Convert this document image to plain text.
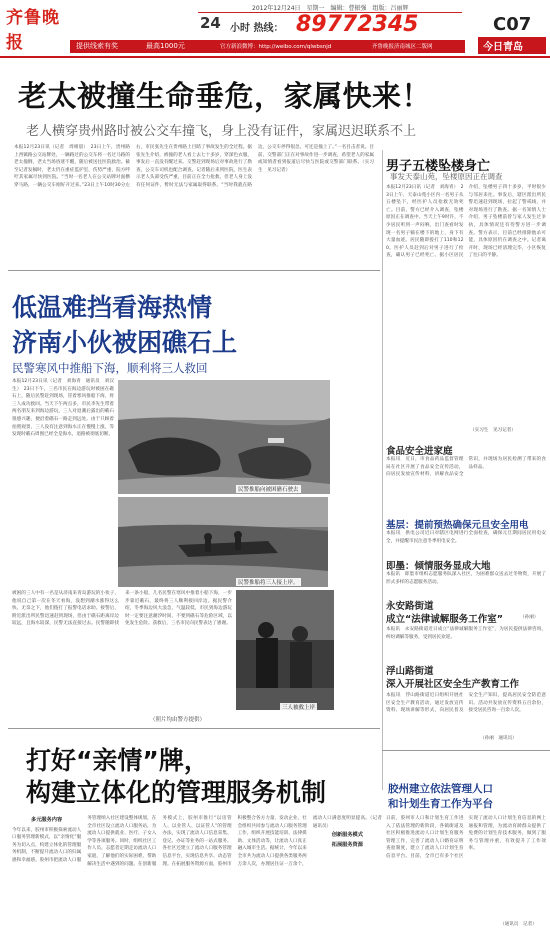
齐鲁晚报
2012年12月24日　星期一　编辑：曹振强　组版：吕丽辉
24 小时 热线： 89772345	C07
提供线索有奖	最高1000元	官方新浪微博：http://weibo.com/qlwbsnjd	齐鲁晚报济南城区二版网	今日青岛
老太被撞生命垂危，家属快来！
老人横穿贵州路时被公交车撞飞，身上没有证件，家属迟迟联系不上
本报12月23日讯（记者　周相晨）　23日上午，贵州路上西镇路公交站牌处，一辆路过的公交车将一名过马路的老太撞倒，老太当场昏迷不醒，随后被送往医院救治。截至记者发稿时，老太仍在重症监护室，伤势严重，院方呼吁其家属尽快到医院。“当时一名老人在公交站牌对面横穿马路，一辆公交车刚好开过来。”23日上午10时30分左右，市民张先生在贵州路上目睹了事故发生的全过程。据张先生介绍，被撞的老人看上去七十多岁，穿深色衣服，事发后一直没有醒过来。交警赶到现场后对事故进行了勘查，公交车司机也配合调查。记者随后来到医院，医生表示老人头部受伤严重，目前正在全力抢救，但老人身上没有任何证件，暂时无法与家属取得联系。“当时我就在路边，公交车停得很急，可还是撞上了。”一名目击者说。目前，交警部门正在对事故作进一步调查，希望老人的家属或知情者看到报道后尽快与医院或交警部门联系。（实习生　见习记者）
低温难挡看海热情
济南小伙被困礁石上
民警寒风中推船下海，顺利将三人救回
本报12月23日讯（记者　刘海青　通讯员　刘汉生）　23日下午，三名市民在海边游玩时被困在礁石上，随后民警赶到现场，冒着寒风推船下海，将三人成功救回。当天下午两点多，市民李先生带着两名朋友来到海边游玩，三人对退潮后露出的礁石很感兴趣，便沿着礁石一路走到远处。由于只顾着拍照观景，三人没有注意到海水正在慢慢上涨，等发现时礁石周围已经全是海水，退路被彻底切断。
被困的三人中有一名是从济南来青岛游玩的小伙子，他说自己第一次在冬天看海，没想到潮水涨得这么快。无奈之下，他们拨打了报警电话求助。接警后，附近派出所民警迅速赶到现场，但由于礁石距离岸边较远，且海水较深，民警无法直接过去。民警随即找来一条小船，几名民警在寒风中推着小船下海，一步步靠近礁石，最终将三人顺利接回岸边。据民警介绍，冬季海边风大浪急，气温较低，市民到海边游玩时一定要注意潮汐时间，不要到礁石等危险区域，以免发生危险。获救后，三名市民向民警表达了感谢。
民警推船向被困礁石驶去
民警推船将三人接上岸。
三人被救上岸
（照片均由警方提供）
男子五楼坠楼身亡
事发天泰山苑，坠楼原因正在调查
本报12月23日讯（记者　刘海青）　23日上午，天泰山苑小区内一名男子从五楼坠下，经医护人员抢救无效死亡。目前，警方已经介入调查，坠楼原因正在调查中。当天上午9时许，不少居民听到一声闷响，出门查看时发现一名男子躺在楼下的地上，身下有大量血迹。居民随即拨打了110和120。医护人员赶到后对男子进行了检查，确认男子已经死亡。据小区居民介绍，坠楼男子四十多岁，平时很少与邻居来往。事发后，辖区派出所民警迅速赶到现场，拉起了警戒线，并对现场进行了勘查。据一名知情人士介绍，男子坠楼前曾与家人发生过争执，具体情况还有待警方进一步调查。警方表示，目前已经排除他杀可能，具体原因仍在调查之中。记者离开时，现场已经清理完毕，小区恢复了往日的平静。
（实习生　见习记者）
食品安全进家庭
本报讯　近日，市食品药品监督管理局在社区开展了食品安全宣传活动，向居民发放宣传材料，讲解食品安全常识，并现场为居民检测了带来的食品样品。
基层：提前预热确保元旦安全用电
本报讯　供电公司近日对辖区电网进行全面检查，确保元旦期间居民用电安全，并提醒市民注意冬季用电安全。
即墨：倾情服务显成大地
本报讯　即墨市组织志愿服务队深入社区，为困难群众送去过冬物资，开展了形式多样的志愿服务活动。
永安路街道
成立“法律诚解服务工作室”
本报讯　永安路街道近日成立“法律诚解服务工作室”，为居民提供法律咨询、纠纷调解等服务，受到居民欢迎。
（孙丽）
浮山路街道
深入开展社区安全生产教育工作
本报讯　浮山路街道近日组织开展社区安全生产教育活动，通过发放宣传资料、现场讲解等形式，向居民普及安全生产知识，提高居民安全防范意识。活动共发放宣传资料五百余份，接受居民咨询一百余人次。
（孙丽　通讯员）
打好“亲情”牌，
构建立体化的管理服务机制
多元服务内容
今年以来，胶州市积极探索流动人口服务管理新模式，以“亲情化”服务为切入点，构建立体化的管理服务机制，不断提升流动人口的归属感和幸福感。胶州市把流动人口服务管理纳入社区建设整体规划，在全市社区设立流动人口服务站，为流动人口提供就业、医疗、子女入学等各项服务。同时，组织社区工作人员、志愿者定期走访流动人口家庭，了解他们的实际困难，帮助解决生活中遇到的问题。在创新服务模式上，胶州市推行“以房管人、以业管人、以证管人”的管理办法，实现了流动人口信息采集、登记、办证等业务的一站式服务。各社区还建立了流动人口服务管理信息平台，实现信息共享、动态管理。在拓展服务资源方面，胶州市积极整合各方力量，发动企业、社会组织共同参与流动人口服务管理工作，组织开展技能培训、法律援助、文体活动等，让流动人口真正融入城市生活。据统计，今年以来全市共为流动人口提供各类服务两万余人次，办理居住证一万余个，流动人口满意度明显提高。（记者　通讯员）
创新服务模式
拓展服务资源
胶州建立依法管理人口
和计划生育工作为平台
日前，胶州市人口和计划生育工作进入了依法管理的新阶段，各镇街道及社区积极推进流动人口计划生育服务管理工作，完善了流动人口婚育证明查验制度，建立了流动人口计划生育信息平台。目前，全市已有多个社区实现了流动人口计划生育信息的网上通报和管理，为流动育龄群众提供了免费的计划生育技术服务，做到了服务与管理并重，有效提升了工作效率。
（通讯员　记者）
